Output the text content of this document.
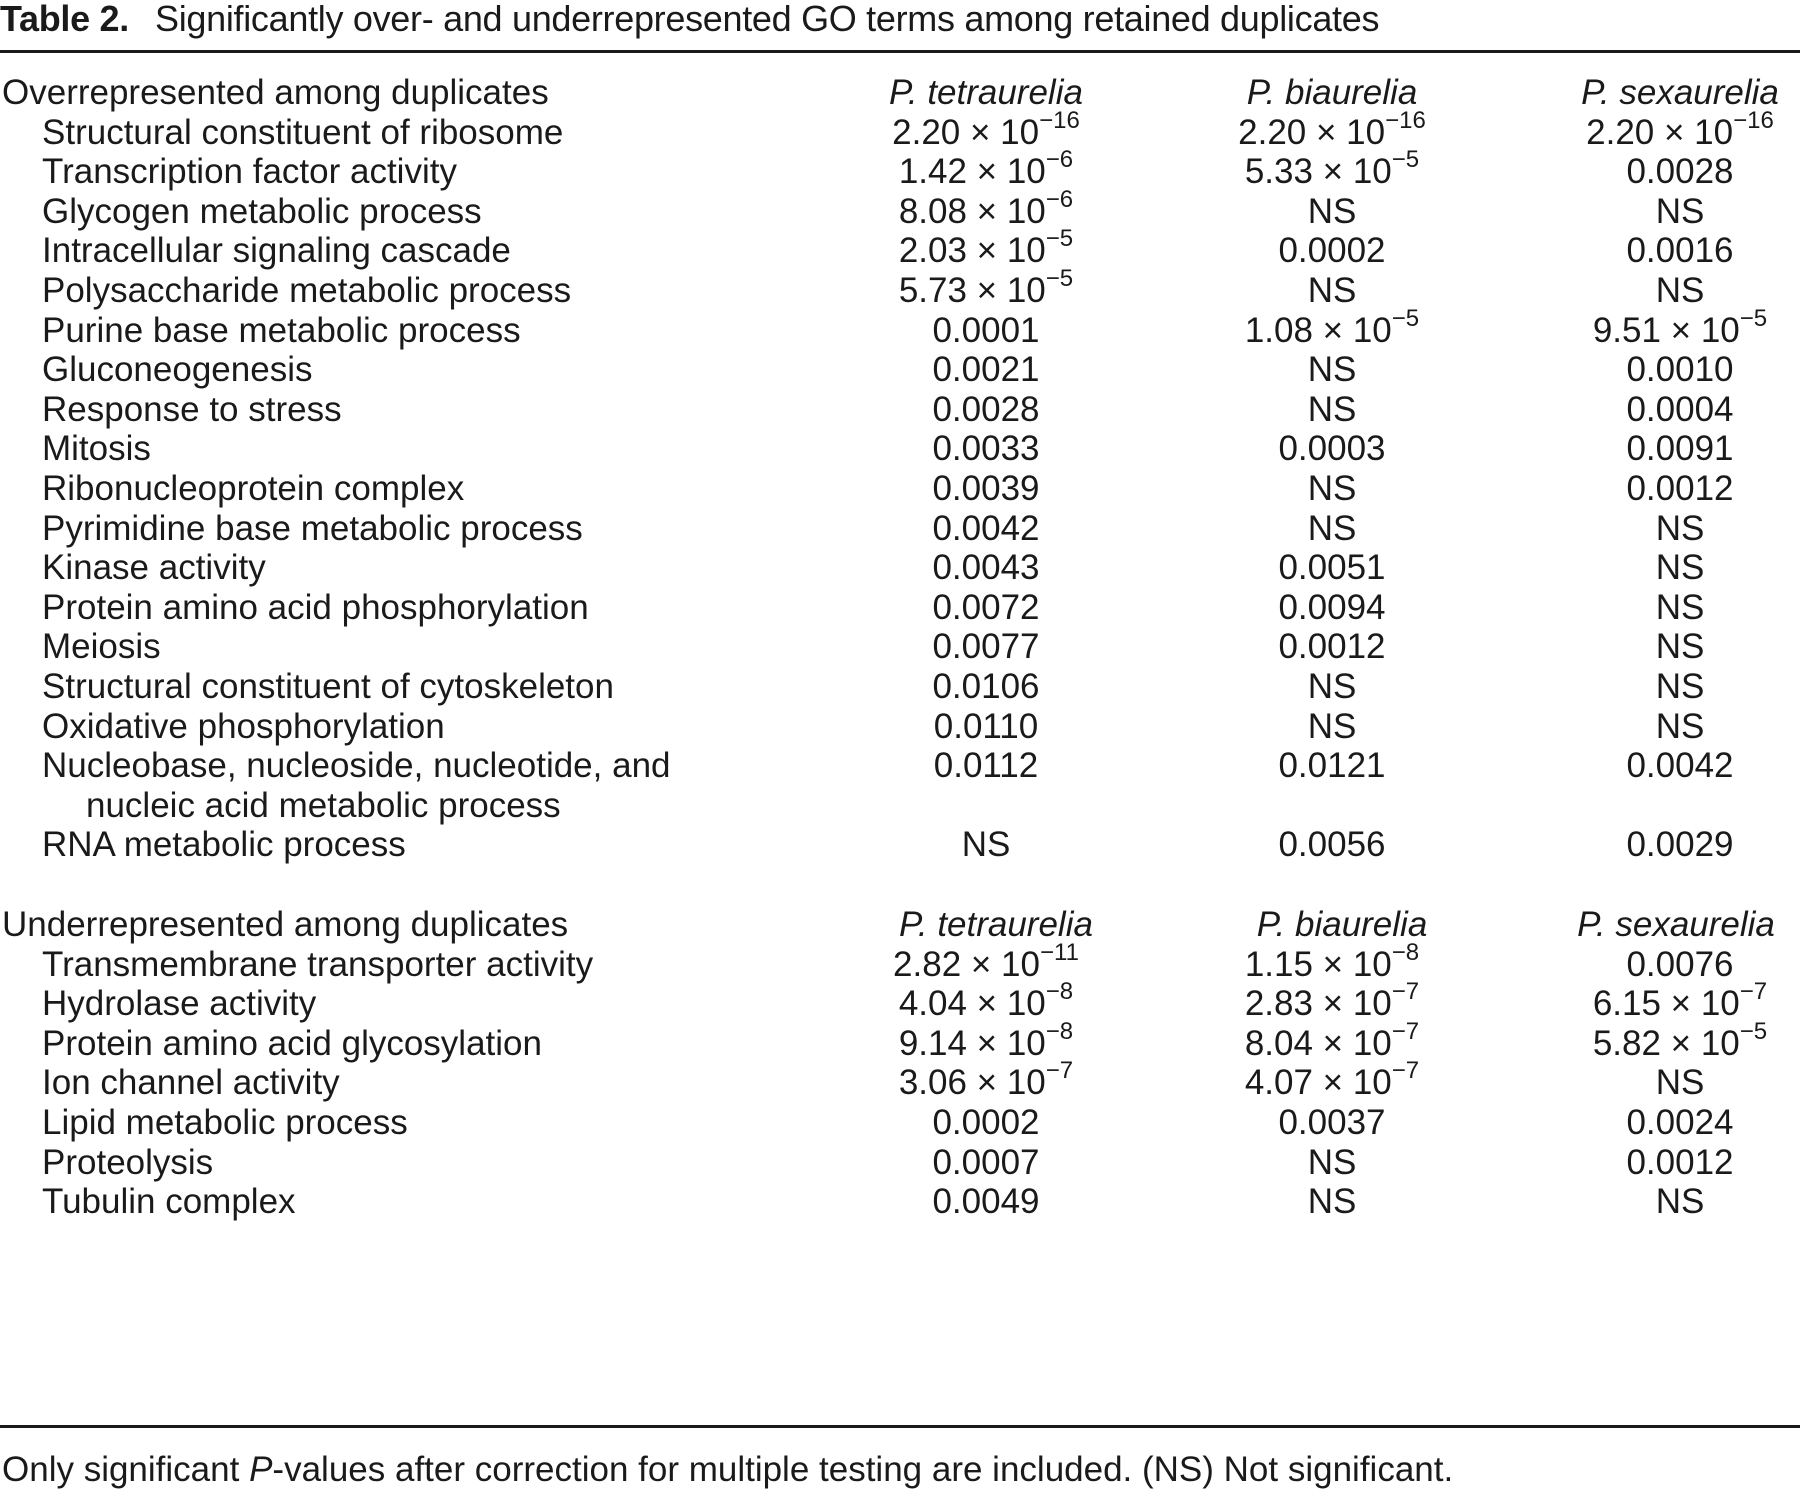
Table 2. Significantly over- and underrepresented GO terms among retained duplicates
Overrepresented among duplicates	P. tetraurelia	P. biaurelia	P. sexaurelia
Structural constituent of ribosome	$2.20 \times 10^{-16}$	$2.20 \times 10^{-16}$	$2.20 \times 10^{-16}$
Transcription factor activity	$1.42 \times 10^{-6}$	$5.33 \times 10^{-5}$	0.0028
Glycogen metabolic process	$8.08 \times 10^{-6}$	NS	NS
Intracellular signaling cascade	$2.03 \times 10^{-5}$	0.0002	0.0016
Polysaccharide metabolic process	$5.73 \times 10^{-5}$	NS	NS
Purine base metabolic process	0.0001	$1.08 \times 10^{-5}$	$9.51 \times 10^{-5}$
Gluconeogenesis	0.0021	NS	0.0010
Response to stress	0.0028	NS	0.0004
Mitosis	0.0033	0.0003	0.0091
Ribonucleoprotein complex	0.0039	NS	0.0012
Pyrimidine base metabolic process	0.0042	NS	NS
Kinase activity	0.0043	0.0051	NS
Protein amino acid phosphorylation	0.0072	0.0094	NS
Meiosis	0.0077	0.0012	NS
Structural constituent of cytoskeleton	0.0106	NS	NS
Oxidative phosphorylation	0.0110	NS	NS
Nucleobase, nucleoside, nucleotide, and
nucleic acid metabolic process
0.0112	0.0121	0.0042
RNA metabolic process	NS	0.0056	0.0029
Underrepresented among duplicates	P. tetraurelia	P. biaurelia	P. sexaurelia
Transmembrane transporter activity	$2.82 \times 10^{-11}$	$1.15 \times 10^{-8}$	0.0076
Hydrolase activity	$4.04 \times 10^{-8}$	$2.83 \times 10^{-7}$	$6.15 \times 10^{-7}$
Protein amino acid glycosylation	$9.14 \times 10^{-8}$	$8.04 \times 10^{-7}$	$5.82 \times 10^{-5}$
Ion channel activity	$3.06 \times 10^{-7}$	$4.07 \times 10^{-7}$	NS
Lipid metabolic process	0.0002	0.0037	0.0024
Proteolysis	0.0007	NS	0.0012
Tubulin complex	0.0049	NS	NS
Only significant P-values after correction for multiple testing are included. (NS) Not significant.
